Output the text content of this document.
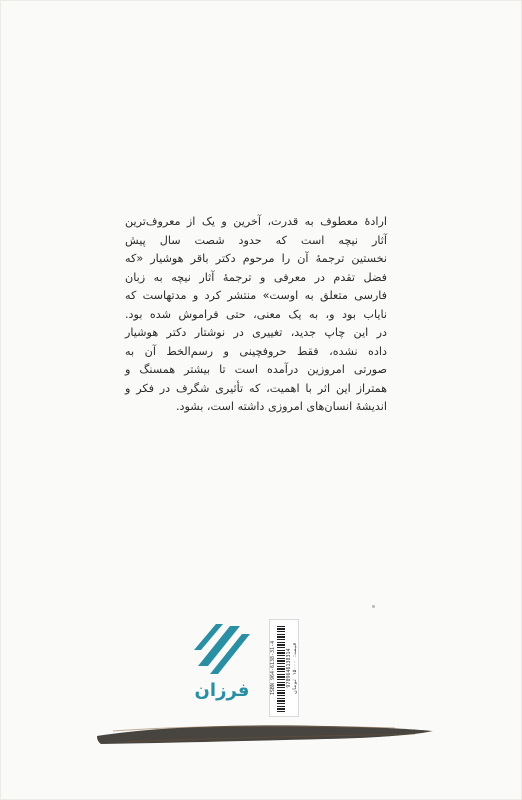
ارادهٔ معطوف به قدرت، آخرین و یک از معروف‌ترین

آثار نیچه است که حدود شصت سال پیش

نخستین ترجمهٔ آن را مرحوم دکتر باقر هوشیار «که

فضل تقدم در معرفی و ترجمهٔ آثار نیچه به زبان

فارسی متعلق به اوست» منتشر کرد و مدتهاست که

نایاب بود و، به یک معنی، حتی فراموش شده بود.

در این چاپ جدید، تغییری در نوشتار دکتر هوشیار

داده نشده، فقط حروفچینی و رسم‌الخط آن به

صورتی امروزین درآمده است تا بیشتر همسنگ و

همتراز این اثر با اهمیت، که تأثیری شگرف در فکر و

اندیشهٔ انسان‌های امروزی داشته است، بشود.

فرزان	ISBN 964-6138-31-4 9789646138314 قیمت: ۱۵۰۰۰ تومان
